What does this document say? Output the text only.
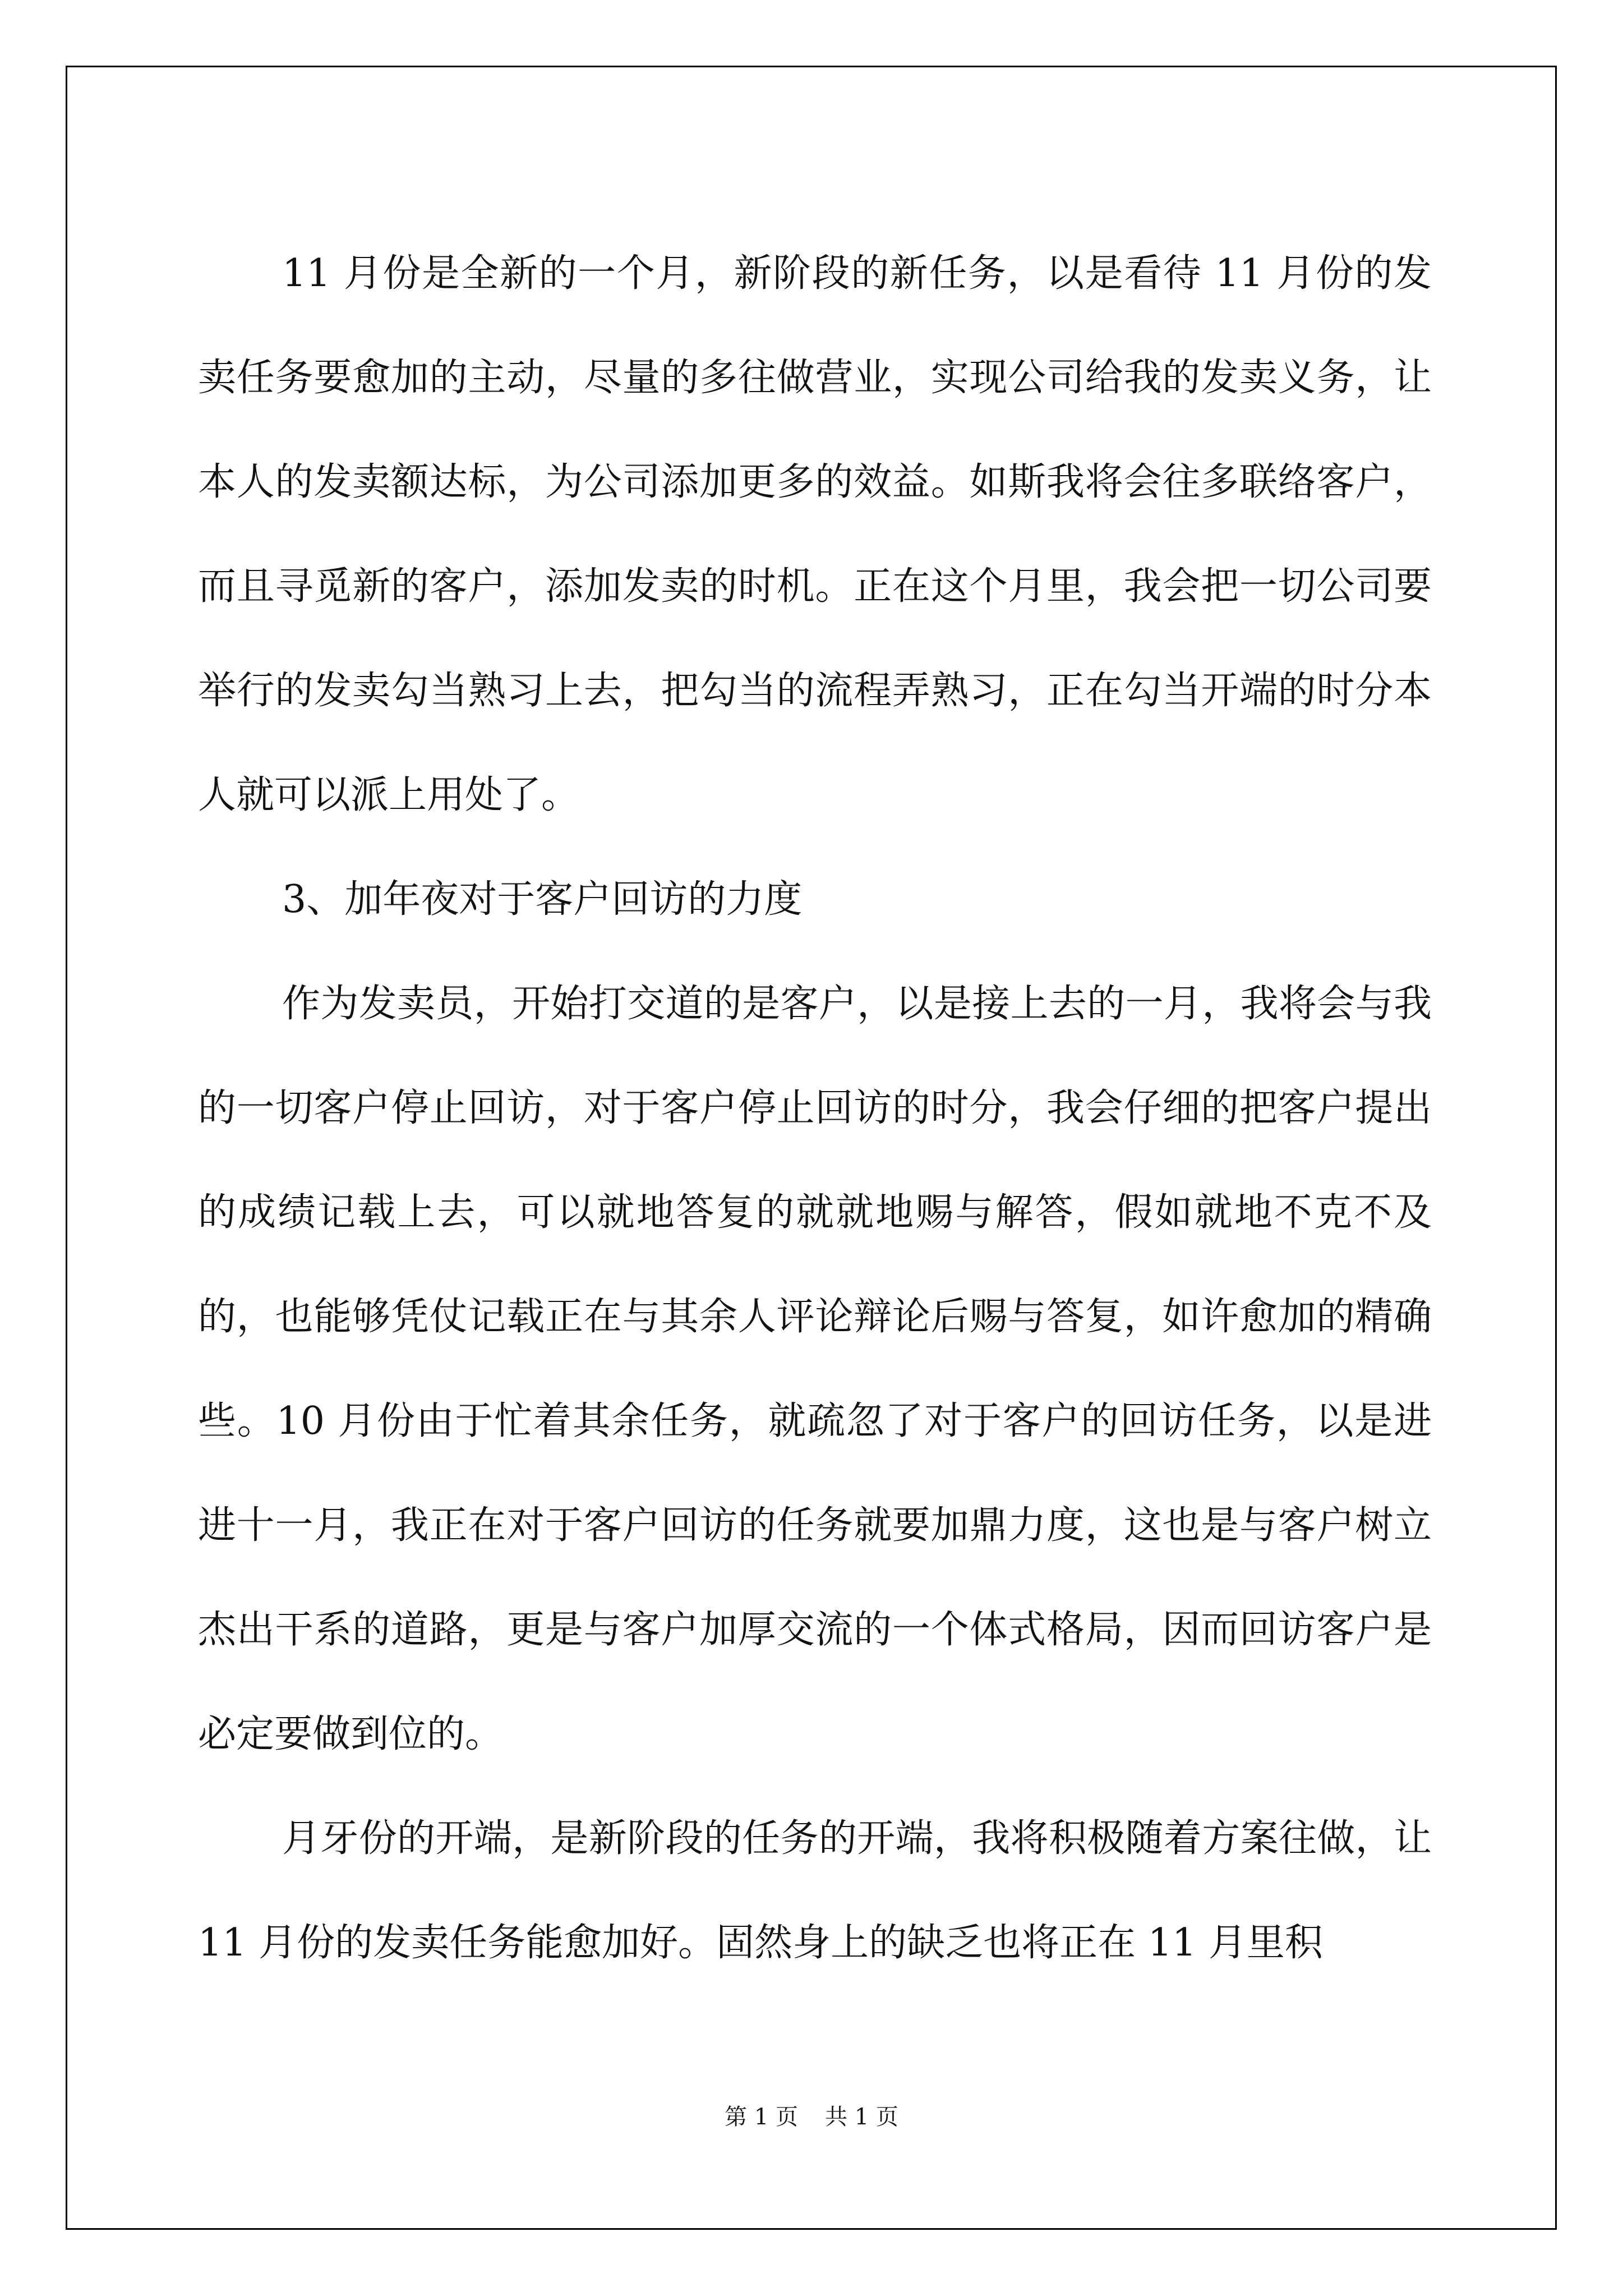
11 月份是全新的一个月，新阶段的新任务，以是看待 11 月份的发卖任务要愈加的主动，尽量的多往做营业，实现公司给我的发卖义务，让本人的发卖额达标，为公司添加更多的效益。如斯我将会往多联络客户，而且寻觅新的客户，添加发卖的时机。正在这个月里，我会把一切公司要举行的发卖勾当熟习上去，把勾当的流程弄熟习，正在勾当开端的时分本人就可以派上用处了。

3、加年夜对于客户回访的力度

作为发卖员，开始打交道的是客户，以是接上去的一月，我将会与我的一切客户停止回访，对于客户停止回访的时分，我会仔细的把客户提出的成绩记载上去，可以就地答复的就就地赐与解答，假如就地不克不及的，也能够凭仗记载正在与其余人评论辩论后赐与答复，如许愈加的精确些。10 月份由于忙着其余任务，就疏忽了对于客户的回访任务，以是进进十一月，我正在对于客户回访的任务就要加鼎力度，这也是与客户树立杰出干系的道路，更是与客户加厚交流的一个体式格局，因而回访客户是必定要做到位的。

月牙份的开端，是新阶段的任务的开端，我将积极随着方案往做，让 11 月份的发卖任务能愈加好。固然身上的缺乏也将正在 11 月里积

第 1 页 共 1 页
